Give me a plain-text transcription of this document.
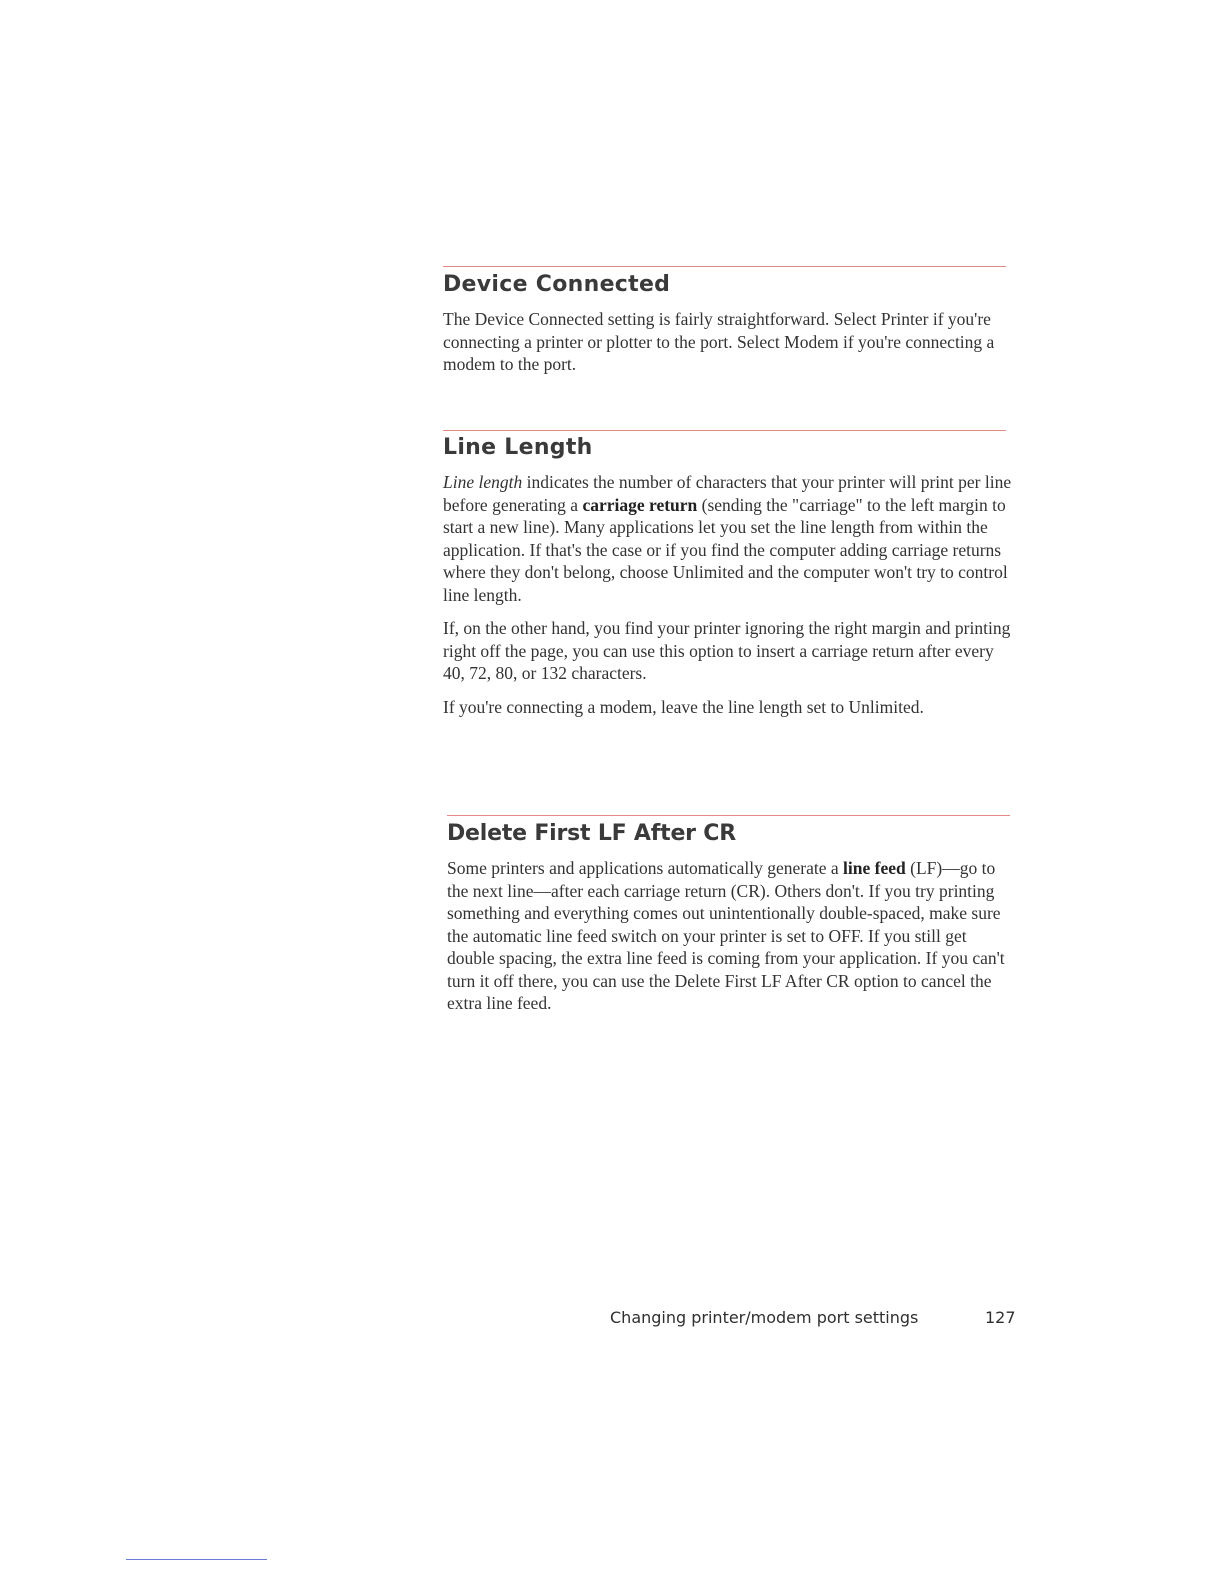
Device Connected

The Device Connected setting is fairly straightforward. Select Printer if you're connecting a printer or plotter to the port. Select Modem if you're connecting a modem to the port.

Line Length

Line length indicates the number of characters that your printer will print per line before generating a carriage return (sending the "carriage" to the left margin to start a new line). Many applications let you set the line length from within the application. If that's the case or if you find the computer adding carriage returns where they don't belong, choose Unlimited and the computer won't try to control line length.

If, on the other hand, you find your printer ignoring the right margin and printing right off the page, you can use this option to insert a carriage return after every 40, 72, 80, or 132 characters.

If you're connecting a modem, leave the line length set to Unlimited.

Delete First LF After CR

Some printers and applications automatically generate a line feed (LF)—go to the next line—after each carriage return (CR). Others don't. If you try printing something and everything comes out unintentionally double-spaced, make sure the automatic line feed switch on your printer is set to OFF. If you still get double spacing, the extra line feed is coming from your application. If you can't turn it off there, you can use the Delete First LF After CR option to cancel the extra line feed.

Changing printer/modem port settings	127
